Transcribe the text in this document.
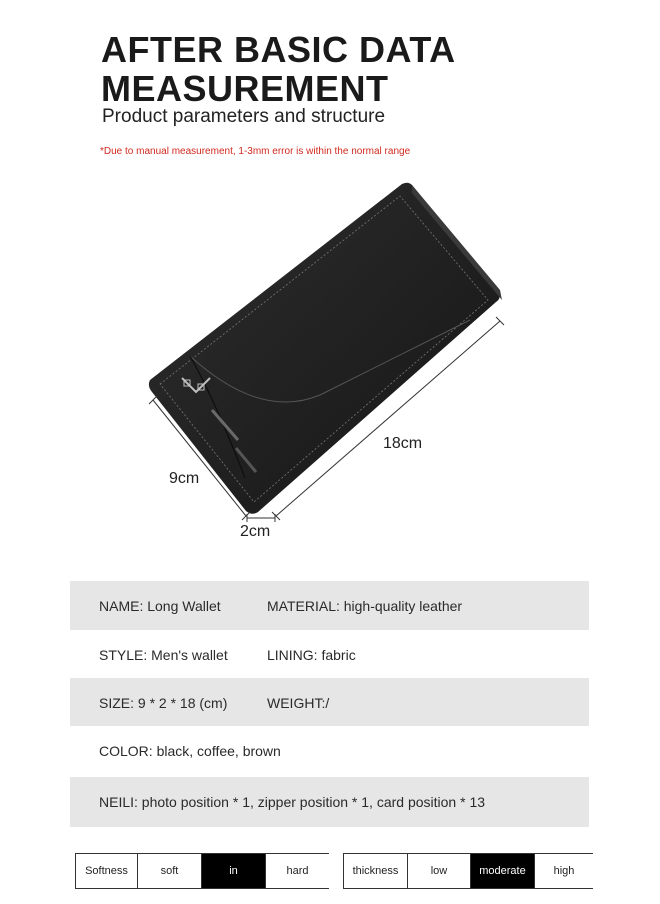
AFTER BASIC DATA
MEASUREMENT
Product parameters and structure
*Due to manual measurement, 1-3mm error is within the normal range
18cm
9cm
2cm
NAME: Long Wallet	MATERIAL: high-quality leather
STYLE: Men's wallet	LINING: fabric
SIZE: 9 * 2 * 18 (cm)	WEIGHT:/
COLOR: black, coffee, brown
NEILI: photo position * 1, zipper position * 1, card position * 13
Softness	soft	in	hard	thickness	low	moderate	high
